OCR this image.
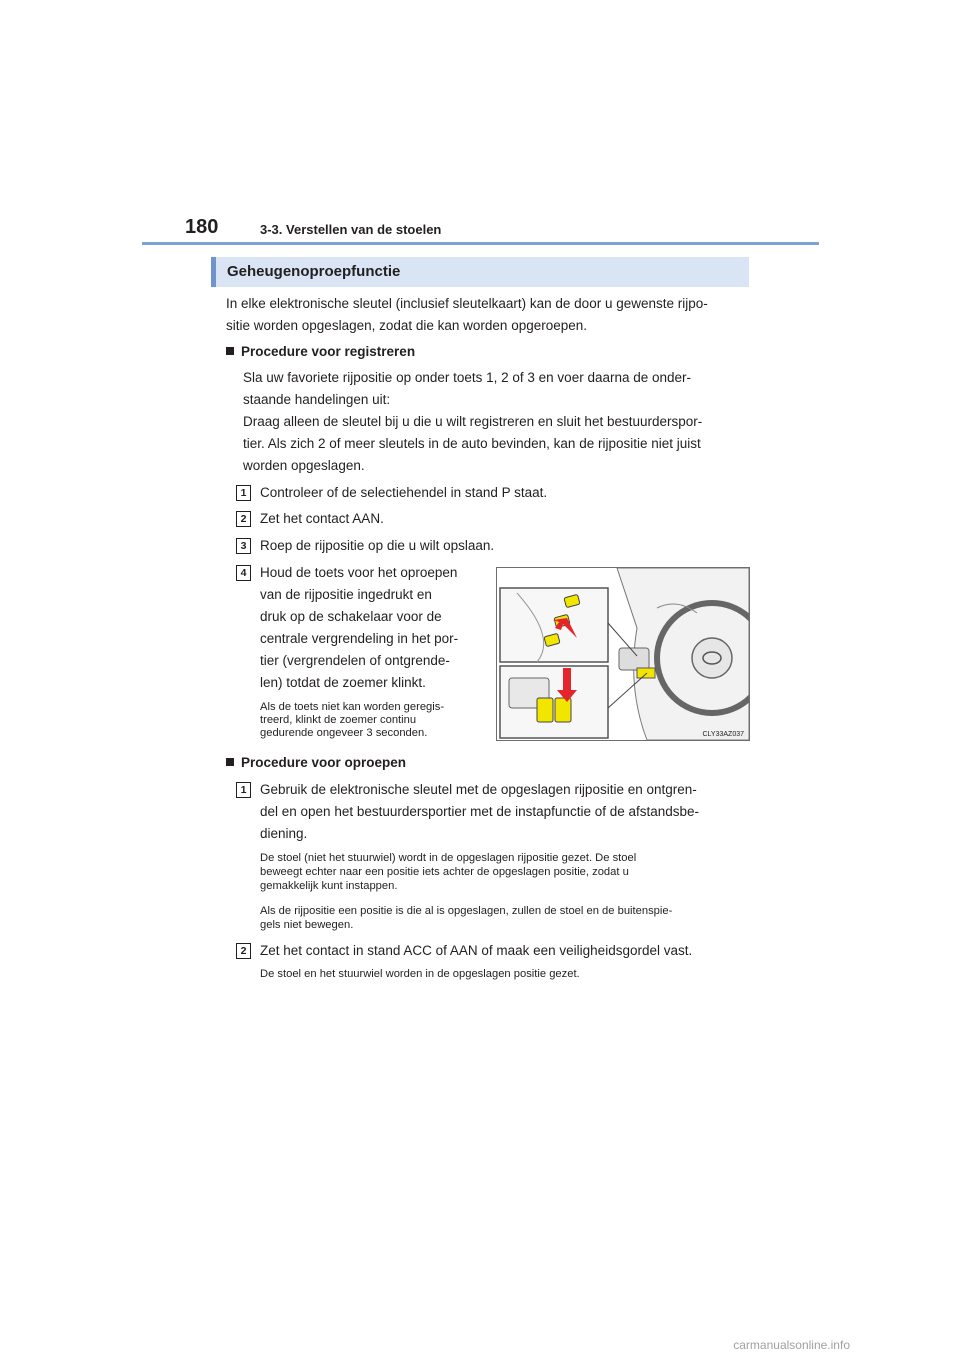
180	3-3. Verstellen van de stoelen
Geheugenoproepfunctie
In elke elektronische sleutel (inclusief sleutelkaart) kan de door u gewenste rijpo-
sitie worden opgeslagen, zodat die kan worden opgeroepen.
Procedure voor registreren
Sla uw favoriete rijpositie op onder toets 1, 2 of 3 en voer daarna de onder-
staande handelingen uit:
Draag alleen de sleutel bij u die u wilt registreren en sluit het bestuurderspor-
tier. Als zich 2 of meer sleutels in de auto bevinden, kan de rijpositie niet juist
worden opgeslagen.
1	Controleer of de selectiehendel in stand P staat.
2	Zet het contact AAN.
3	Roep de rijpositie op die u wilt opslaan.
4	Houd de toets voor het oproepen
van de rijpositie ingedrukt en
druk op de schakelaar voor de
centrale vergrendeling in het por-
tier (vergrendelen of ontgrende-
len) totdat de zoemer klinkt.
Als de toets niet kan worden geregis-
treerd, klinkt de zoemer continu
gedurende ongeveer 3 seconden.	CLY33AZ037
Procedure voor oproepen
1	Gebruik de elektronische sleutel met de opgeslagen rijpositie en ontgren-
del en open het bestuurdersportier met de instapfunctie of de afstandsbe-
diening.
De stoel (niet het stuurwiel) wordt in de opgeslagen rijpositie gezet. De stoel
beweegt echter naar een positie iets achter de opgeslagen positie, zodat u
gemakkelijk kunt instappen.
Als de rijpositie een positie is die al is opgeslagen, zullen de stoel en de buitenspie-
gels niet bewegen.
2	Zet het contact in stand ACC of AAN of maak een veiligheidsgordel vast.
De stoel en het stuurwiel worden in de opgeslagen positie gezet.
carmanualsonline.info
